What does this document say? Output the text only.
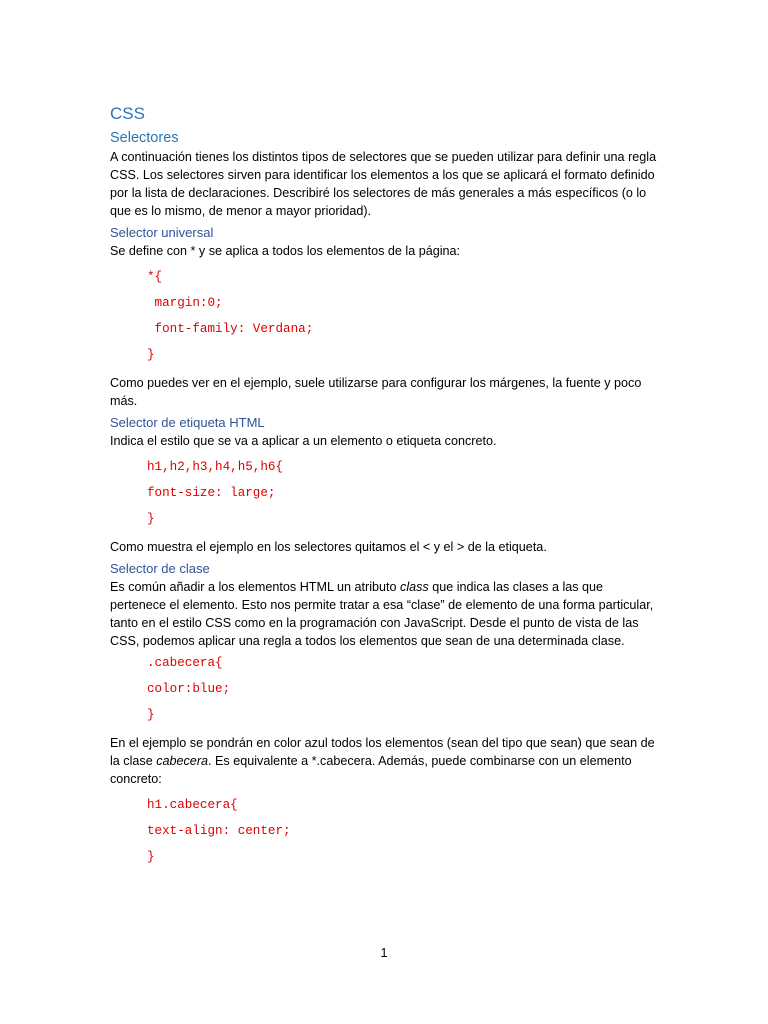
CSS
Selectores

A continuación tienes los distintos tipos de selectores que se pueden utilizar para definir una regla CSS. Los selectores sirven para identificar los elementos a los que se aplicará el formato definido por la lista de declaraciones. Describiré los selectores de más generales a más específicos (o lo que es lo mismo, de menor a mayor prioridad).

Selector universal

Se define con * y se aplica a todos los elementos de la página:

*{
margin:0;
font-family: Verdana;
}

Como puedes ver en el ejemplo, suele utilizarse para configurar los márgenes, la fuente y poco más.

Selector de etiqueta HTML

Indica el estilo que se va a aplicar a un elemento o etiqueta concreto.

h1,h2,h3,h4,h5,h6{
font-size: large;
}

Como muestra el ejemplo en los selectores quitamos el < y el > de la etiqueta.

Selector de clase

Es común añadir a los elementos HTML un atributo class que indica las clases a las que pertenece el elemento. Esto nos permite tratar a esa “clase” de elemento de una forma particular, tanto en el estilo CSS como en la programación con JavaScript. Desde el punto de vista de las CSS, podemos aplicar una regla a todos los elementos que sean de una determinada clase.

.cabecera{
color:blue;
}

En el ejemplo se pondrán en color azul todos los elementos (sean del tipo que sean) que sean de la clase cabecera. Es equivalente a *.cabecera. Además, puede combinarse con un elemento concreto:

h1.cabecera{
text-align: center;
}
1
